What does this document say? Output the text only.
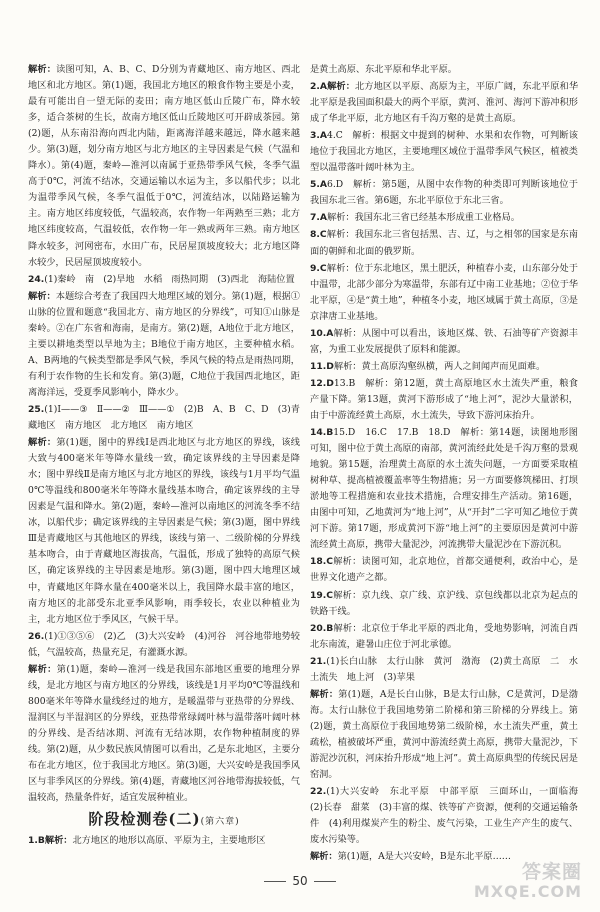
解析：读图可知，A、B、C、D分别为青藏地区、南方地区、西北地区和北方地区。第(1)题，我国北方地区的粮食作物主要是小麦，最有可能出自一望无际的麦田；南方地区低山丘陵广布，降水较多，适合茶树的生长，故南方地区低山丘陵地区可开辟成茶园。第(2)题，从东南沿海向西北内陆，距离海洋越来越远，降水越来越少。第(3)题，划分南方地区与北方地区的主导因素是气候（气温和降水）。第(4)题，秦岭—淮河以南属于亚热带季风气候，冬季气温高于0℃，河流不结冰，交通运输以水运为主，多以船代步；以北为温带季风气候，冬季气温低于0℃，河流结冰，以陆路运输为主。南方地区纬度较低，气温较高，农作物一年两熟至三熟；北方地区纬度较高，气温较低，农作物一年一熟或两年三熟。南方地区降水较多，河网密布，水田广布，民居屋顶坡度较大；北方地区降水较少，民居屋顶坡度较小。
24.(1)秦岭　南　(2)旱地　水稻　雨热同期　(3)西北　海陆位置
解析：本题综合考查了我国四大地理区域的划分。第(1)题，根据①山脉的位置和题意“我国北方、南方地区的分界线”，可知①山脉是秦岭。②在广东省和海南，是南方。第(2)题，A地位于北方地区，主要以耕地类型以旱地为主；B地位于南方地区，主要种植水稻。A、B两地的气候类型都是季风气候，季风气候的特点是雨热同期，有利于农作物的生长和发育。第(3)题，C地位于我国西北地区，距离海洋远，受夏季风影响小，降水少。
25.(1)Ⅰ——③　Ⅱ——②　Ⅲ——①　(2)B　A、B　C、D　(3)青藏地区　南方地区　北方地区　南方地区
解析：第(1)题，图中的界线Ⅰ是西北地区与北方地区的界线，该线大致与400毫米年等降水量线一致，确定该界线的主导因素是降水；图中界线Ⅱ是南方地区与北方地区的界线，该线与1月平均气温0℃等温线和800毫米年等降水量线基本吻合，确定该界线的主导因素是气温和降水。第(2)题，秦岭—淮河以南地区的河流冬季不结冰，以船代步；确定该界线的主导因素是气候；第(3)题，图中界线Ⅲ是青藏地区与其他地区的界线，该线与第一、二级阶梯的分界线基本吻合，由于青藏地区海拔高，气温低，形成了独特的高原气候区，确定该界线的主导因素是地形。第(3)题，图中四大地理区域中，青藏地区年降水量在400毫米以上，我国降水最丰富的地区，南方地区的北部受东北亚季风影响，雨季较长，农业以种植业为主，北方地区位于季风区，气候干旱。
26.(1)①③⑤⑥　(2)乙　(3)大兴安岭　(4)河谷　河谷地带地势较低，气温较高，热量充足，有灌溉水源。
解析：第(1)题，秦岭—淮河一线是我国东部地区重要的地理分界线，是北方地区与南方地区的分界线，该线是1月平均0℃等温线和800毫米年等降水量线经过的地方，是暖温带与亚热带的分界线、湿润区与半湿润区的分界线，亚热带常绿阔叶林与温带落叶阔叶林的分界线、是否结冰期、河流有无结冰期，农作物种植制度的界线。第(2)题，从少数民族风情图可以看出，乙是东北地区，主要分布在北方地区，位于我国北方地区。第(3)题，大兴安岭是我国季风区与非季风区的分界线。第(4)题，青藏地区河谷地带海拔较低，气温较高，热量条件好，适宜发展种植业。
阶段检测卷(二)(第六章)
1.B解析：北方地区的地形以高原、平原为主，主要地形区
是黄土高原、东北平原和华北平原。
2.A解析：北方地区以平原、高原为主，平原广阔，东北平原和华北平原是我国面积最大的两个平原，黄河、淮河、海河下游冲积形成了华北平原，北方地区有千沟万壑的是黄土高原。
3.A4.C　解析：根据文中提到的树种、水果和农作物，可判断该地位于我国北方地区，主要地理区域位于温带季风气候区，植被类型以温带落叶阔叶林为主。
5.A6.D　解析：第5题，从图中农作物的种类即可判断该地位于我国东北三省。第6题，东北平原位于东北三省。
7.A解析：我国东北三省已经基本形成重工业格局。
8.C解析：我国东北三省包括黑、吉、辽，与之相邻的国家是东南面的朝鲜和北面的俄罗斯。
9.C解析：位于东北地区，黑土肥沃，种植春小麦，山东部分处于中温带，北部少部分为寒温带，东部有辽中南工业基地；②位于华北平原，④是“黄土地”，种植冬小麦，地区域属于黄土高原，③是京津唐工业基地。
10.A解析：从图中可以看出，该地区煤、铁、石油等矿产资源丰富，为重工业发展提供了原料和能源。
11.D解析：黄土高原沟壑纵横，两人之间闻声而见面难。
12.D13.B　解析：第12题，黄土高原地区水土流失严重，粮食产量下降。第13题，黄河下游形成了“地上河”，泥沙大量淤积，由于中游流经黄土高原，水土流失，导致下游河床抬升。
14.B15.D　16.C　17.B　18.D　解析：第14题，读图地形图可知，图中位于黄土高原的南部，黄河流经此处是千沟万壑的景观地貌。第15题，治理黄土高原的水土流失问题，一方面要采取植树种草、提高植被覆盖率等生物措施；另一方面要修筑梯田、打坝淤地等工程措施和农业技术措施，合理安排生产活动。第16题，由图中可知，乙地黄河为“地上河”，从“开封”二字可知乙地位于黄河下游。第17题，形成黄河下游“地上河”的主要原因是黄河中游流经黄土高原，携带大量泥沙，河流携带大量泥沙在下游沉积。
18.C解析：读图可知，北京地位，首都交通便利，政治中心，是世界文化遗产之都。
19.C解析：京九线、京广线、京沪线、京包线都以北京为起点的铁路干线。
20.B解析：北京位于华北平原的西北角，受地势影响，河流自西北东南流，避暑山庄位于河北承德。
21.(1)长白山脉　太行山脉　黄河　渤海　(2)黄土高原　二　水土流失　地上河　(3)苹果
解析：第(1)题，A是长白山脉，B是太行山脉，C是黄河，D是渤海。太行山脉位于我国地势第二阶梯和第三阶梯的分界线上。第(2)题，黄土高原位于我国地势第二级阶梯，水土流失严重，黄土疏松，植被破坏严重，黄河中游流经黄土高原，携带大量泥沙，下游泥沙沉积，河床抬升形成“地上河”。黄土高原典型的传统民居是窑洞。
22.(1)大兴安岭　东北平原　中部平原　三面环山，一面临海　(2)长春　甜菜　(3)丰富的煤、铁等矿产资源，便利的交通运输条件　(4)利用煤炭产生的粉尘、废气污染，工业生产产生的废气、废水污染等。
解析：第(1)题，A是大兴安岭，B是东北平原……
50	答案圈
MXQE.COM
